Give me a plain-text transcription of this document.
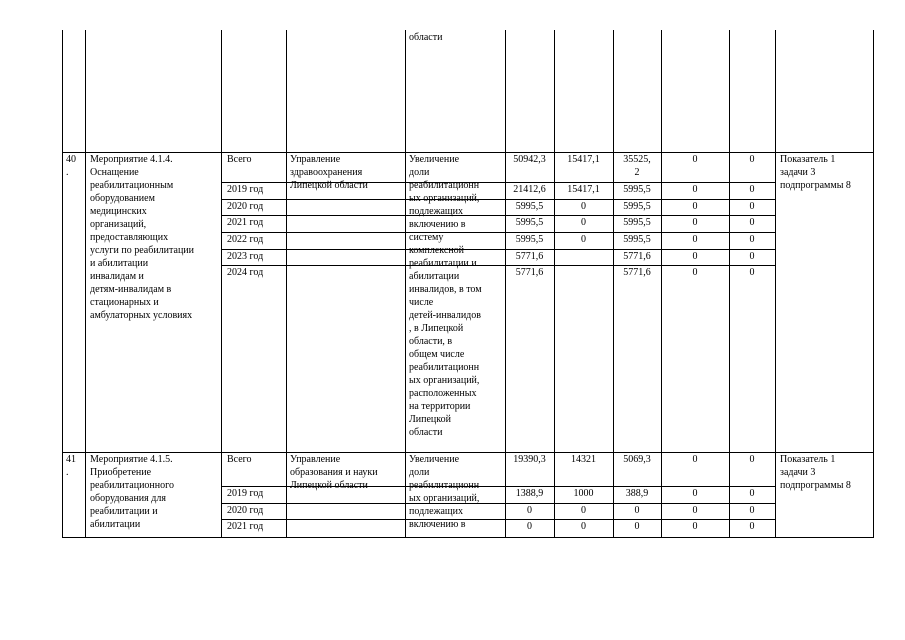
области
40
.
Мероприятие 4.1.4.
Оснащение
реабилитационным
оборудованием
медицинских
организаций,
предоставляющих
услуги по реабилитации
и абилитации
инвалидам и
детям-инвалидам в
стационарных и
амбулаторных условиях
Управление
здравоохранения
Липецкой области
Увеличение
доли
реабилитационн
ых организаций,
подлежащих
включению в
систему
комплексной
реабилитации и
абилитации
инвалидов, в том
числе
детей-инвалидов
, в Липецкой
области, в
общем числе
реабилитационн
ых организаций,
расположенных
на территории
Липецкой
области
Показатель 1
задачи 3
подпрограммы 8
Всего
2019 год
2020 год
2021 год
2022 год
2023 год
2024 год
50942,3
21412,6
5995,5
5995,5
5995,5
5771,6
5771,6
15417,1
15417,1
0
0
0
35525,
2
5995,5
5995,5
5995,5
5995,5
5771,6
5771,6
0
0
0
0
0
0
0
0
0
0
0
0
0
0
41
.
Мероприятие 4.1.5.
Приобретение
реабилитационного
оборудования для
реабилитации и
абилитации
Управление
образования и науки
Липецкой области
Увеличение
доли
реабилитационн
ых организаций,
подлежащих
включению в
Показатель 1
задачи 3
подпрограммы 8
Всего
2019 год
2020 год
2021 год
19390,3
1388,9
0
0
14321
1000
0
0
5069,3
388,9
0
0
0
0
0
0
0
0
0
0
